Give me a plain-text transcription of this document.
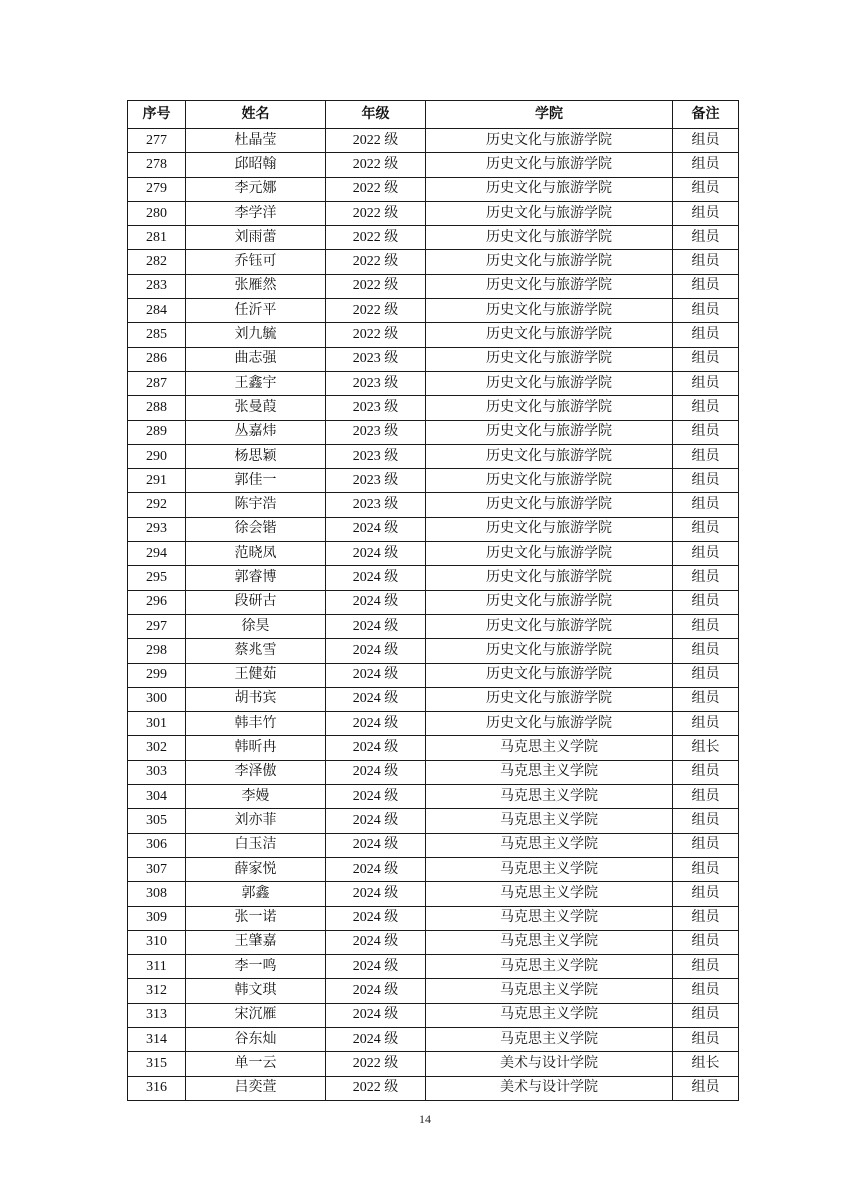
序号	姓名	年级	学院	备注
277	杜晶莹	2022 级	历史文化与旅游学院	组员
278	邱昭翰	2022 级	历史文化与旅游学院	组员
279	李元娜	2022 级	历史文化与旅游学院	组员
280	李学洋	2022 级	历史文化与旅游学院	组员
281	刘雨蕾	2022 级	历史文化与旅游学院	组员
282	乔钰可	2022 级	历史文化与旅游学院	组员
283	张雁然	2022 级	历史文化与旅游学院	组员
284	任沂平	2022 级	历史文化与旅游学院	组员
285	刘九毓	2022 级	历史文化与旅游学院	组员
286	曲志强	2023 级	历史文化与旅游学院	组员
287	王鑫宇	2023 级	历史文化与旅游学院	组员
288	张曼葭	2023 级	历史文化与旅游学院	组员
289	丛嘉炜	2023 级	历史文化与旅游学院	组员
290	杨思颖	2023 级	历史文化与旅游学院	组员
291	郭佳一	2023 级	历史文化与旅游学院	组员
292	陈宇浩	2023 级	历史文化与旅游学院	组员
293	徐会锴	2024 级	历史文化与旅游学院	组员
294	范晓凤	2024 级	历史文化与旅游学院	组员
295	郭睿博	2024 级	历史文化与旅游学院	组员
296	段研古	2024 级	历史文化与旅游学院	组员
297	徐昊	2024 级	历史文化与旅游学院	组员
298	蔡兆雪	2024 级	历史文化与旅游学院	组员
299	王健茹	2024 级	历史文化与旅游学院	组员
300	胡书宾	2024 级	历史文化与旅游学院	组员
301	韩丰竹	2024 级	历史文化与旅游学院	组员
302	韩昕冉	2024 级	马克思主义学院	组长
303	李泽傲	2024 级	马克思主义学院	组员
304	李嫚	2024 级	马克思主义学院	组员
305	刘亦菲	2024 级	马克思主义学院	组员
306	白玉洁	2024 级	马克思主义学院	组员
307	薛家悦	2024 级	马克思主义学院	组员
308	郭鑫	2024 级	马克思主义学院	组员
309	张一诺	2024 级	马克思主义学院	组员
310	王肇嘉	2024 级	马克思主义学院	组员
311	李一鸣	2024 级	马克思主义学院	组员
312	韩文琪	2024 级	马克思主义学院	组员
313	宋沉雁	2024 级	马克思主义学院	组员
314	谷东灿	2024 级	马克思主义学院	组员
315	单一云	2022 级	美术与设计学院	组长
316	吕奕萱	2022 级	美术与设计学院	组员
14
